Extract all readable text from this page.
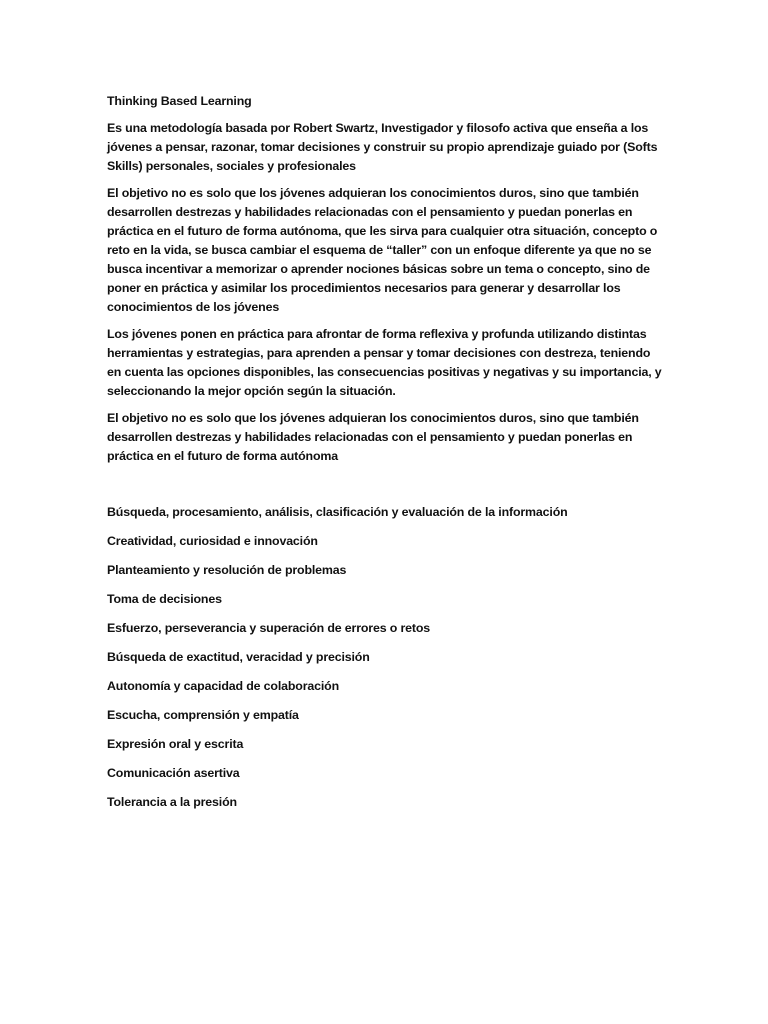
Thinking Based Learning

Es una metodología basada por Robert Swartz, Investigador y filosofo activa que enseña a los jóvenes a pensar, razonar, tomar decisiones y construir su propio aprendizaje guiado por (Softs Skills) personales, sociales y profesionales

El objetivo no es solo que los jóvenes adquieran los conocimientos duros, sino que también desarrollen destrezas y habilidades relacionadas con el pensamiento y puedan ponerlas en práctica en el futuro de forma autónoma, que les sirva para cualquier otra situación, concepto o reto en la vida, se busca cambiar el esquema de “taller” con un enfoque diferente ya que no se busca incentivar a memorizar o aprender nociones básicas sobre un tema o concepto, sino de poner en práctica y asimilar los procedimientos necesarios para generar y desarrollar los conocimientos de los jóvenes

Los jóvenes ponen en práctica para afrontar de forma reflexiva y profunda utilizando distintas herramientas y estrategias, para aprenden a pensar y tomar decisiones con destreza, teniendo en cuenta las opciones disponibles, las consecuencias positivas y negativas y su importancia, y seleccionando la mejor opción según la situación.

El objetivo no es solo que los jóvenes adquieran los conocimientos duros, sino que también desarrollen destrezas y habilidades relacionadas con el pensamiento y puedan ponerlas en práctica en el futuro de forma autónoma

Búsqueda, procesamiento, análisis, clasificación y evaluación de la información
Creatividad, curiosidad e innovación
Planteamiento y resolución de problemas
Toma de decisiones
Esfuerzo, perseverancia y superación de errores o retos
Búsqueda de exactitud, veracidad y precisión
Autonomía y capacidad de colaboración
Escucha, comprensión y empatía
Expresión oral y escrita
Comunicación asertiva
Tolerancia a la presión
